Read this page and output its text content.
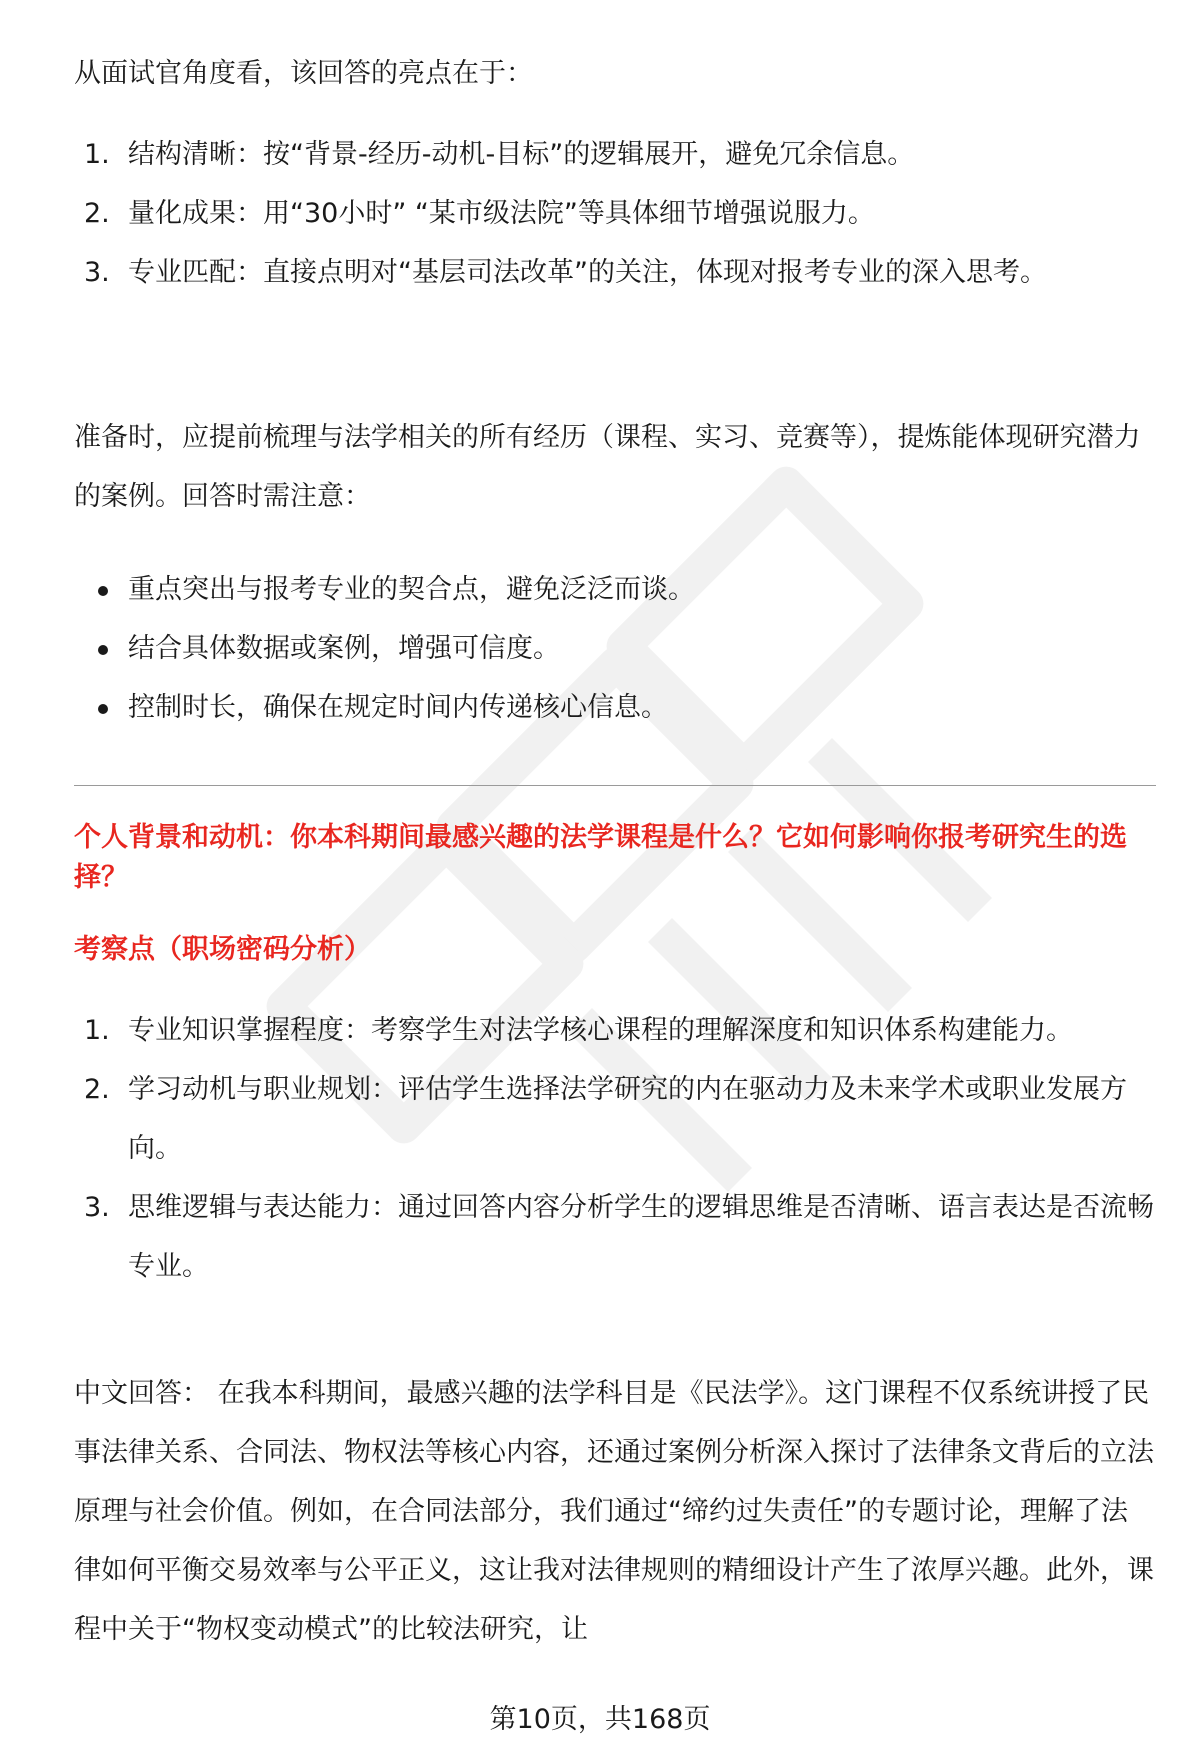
从面试官角度看，该回答的亮点在于：

1. 结构清晰：按“背景-经历-动机-目标”的逻辑展开，避免冗余信息。
2. 量化成果：用“30小时” “某市级法院”等具体细节增强说服力。
3. 专业匹配：直接点明对“基层司法改革”的关注，体现对报考专业的深入思考。

准备时，应提前梳理与法学相关的所有经历（课程、实习、竞赛等），提炼能体现研究潜力的案例。回答时需注意：

重点突出与报考专业的契合点，避免泛泛而谈。
结合具体数据或案例，增强可信度。
控制时长，确保在规定时间内传递核心信息。
个人背景和动机：你本科期间最感兴趣的法学课程是什么？它如何影响你报考研究生的选择？
考察点（职场密码分析）
1. 专业知识掌握程度：考察学生对法学核心课程的理解深度和知识体系构建能力。
2. 学习动机与职业规划：评估学生选择法学研究的内在驱动力及未来学术或职业发展方向。
3. 思维逻辑与表达能力：通过回答内容分析学生的逻辑思维是否清晰、语言表达是否流畅专业。

中文回答： 在我本科期间，最感兴趣的法学科目是《民法学》。这门课程不仅系统讲授了民事法律关系、合同法、物权法等核心内容，还通过案例分析深入探讨了法律条文背后的立法原理与社会价值。例如，在合同法部分，我们通过“缔约过失责任”的专题讨论，理解了法律如何平衡交易效率与公平正义，这让我对法律规则的精细设计产生了浓厚兴趣。此外，课程中关于“物权变动模式”的比较法研究，让

第10页，共168页
